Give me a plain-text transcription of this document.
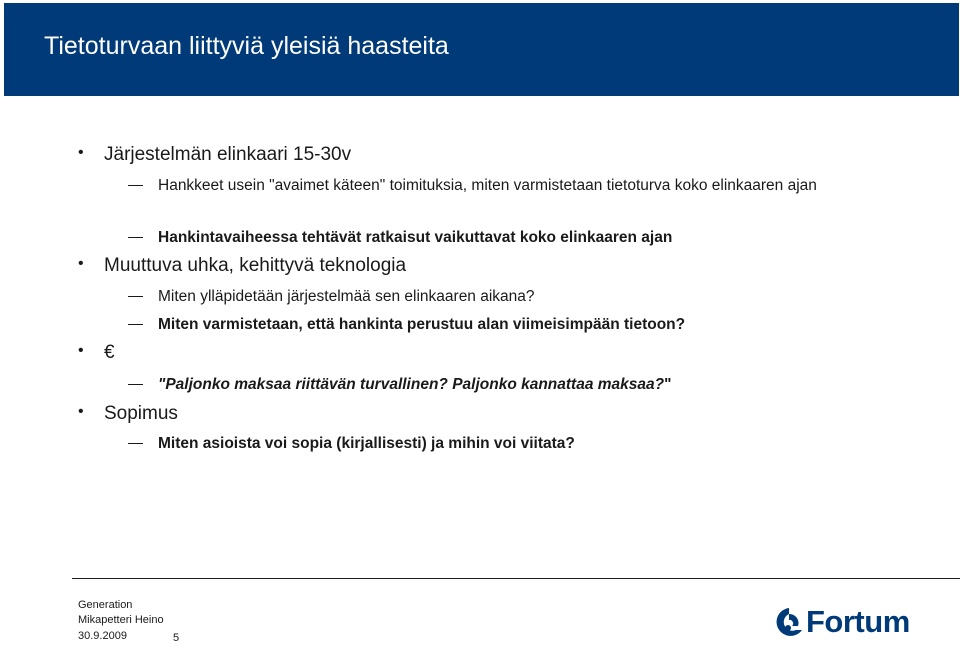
Tietoturvaan liittyviä yleisiä haasteita
• Järjestelmän elinkaari 15-30v
Hankkeet usein "avaimet käteen" toimituksia, miten varmistetaan tietoturva koko elinkaaren ajan
Hankintavaiheessa tehtävät ratkaisut vaikuttavat koko elinkaaren ajan
• Muuttuva uhka, kehittyvä teknologia
Miten ylläpidetään järjestelmää sen elinkaaren aikana?
Miten varmistetaan, että hankinta perustuu alan viimeisimpään tietoon?
• €
"Paljonko maksaa riittävän turvallinen? Paljonko kannattaa maksaa?"
• Sopimus
Miten asioista voi sopia (kirjallisesti) ja mihin voi viitata?
Generation
Mikapetteri Heino
30.9.2009	5	Fortum
